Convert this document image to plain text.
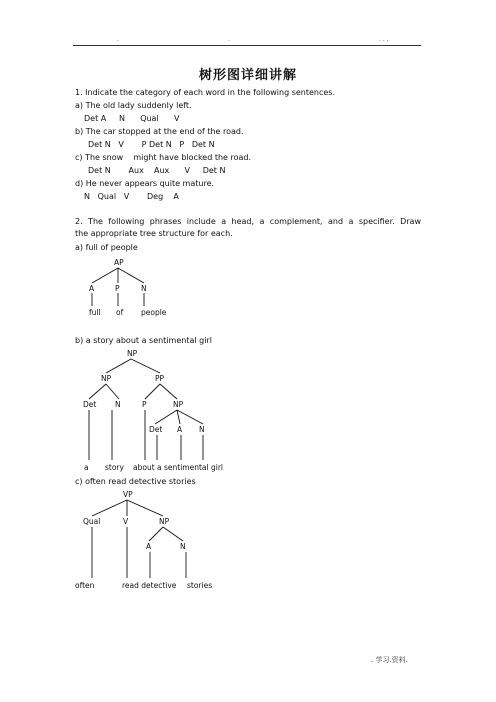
.	.	. . .
树形图详细讲解
1. Indicate the category of each word in the following sentences.
a) The old lady suddenly left.
Det A     N      Qual      V
b) The car stopped at the end of the road.
Det N   V       P Det N   P   Det N
c) The snow    might have blocked the road.
Det N       Aux    Aux      V     Det N
d) He never appears quite mature.
N   Qual   V       Deg    A
2.  The  following  phrases  include  a  head,  a  complement,  and  a  specifier.  Draw  the appropriate tree structure for each.
a) full of people
AP
A	P	N
full of people
b) a story about a sentimental girl
NP
NP	PP
Det N	P	NP
Det A N
a story about a sentimental girl
c) often read detective stories
VP
Qual	V	NP
A	N
often	read detective stories
. 学习.资料.
